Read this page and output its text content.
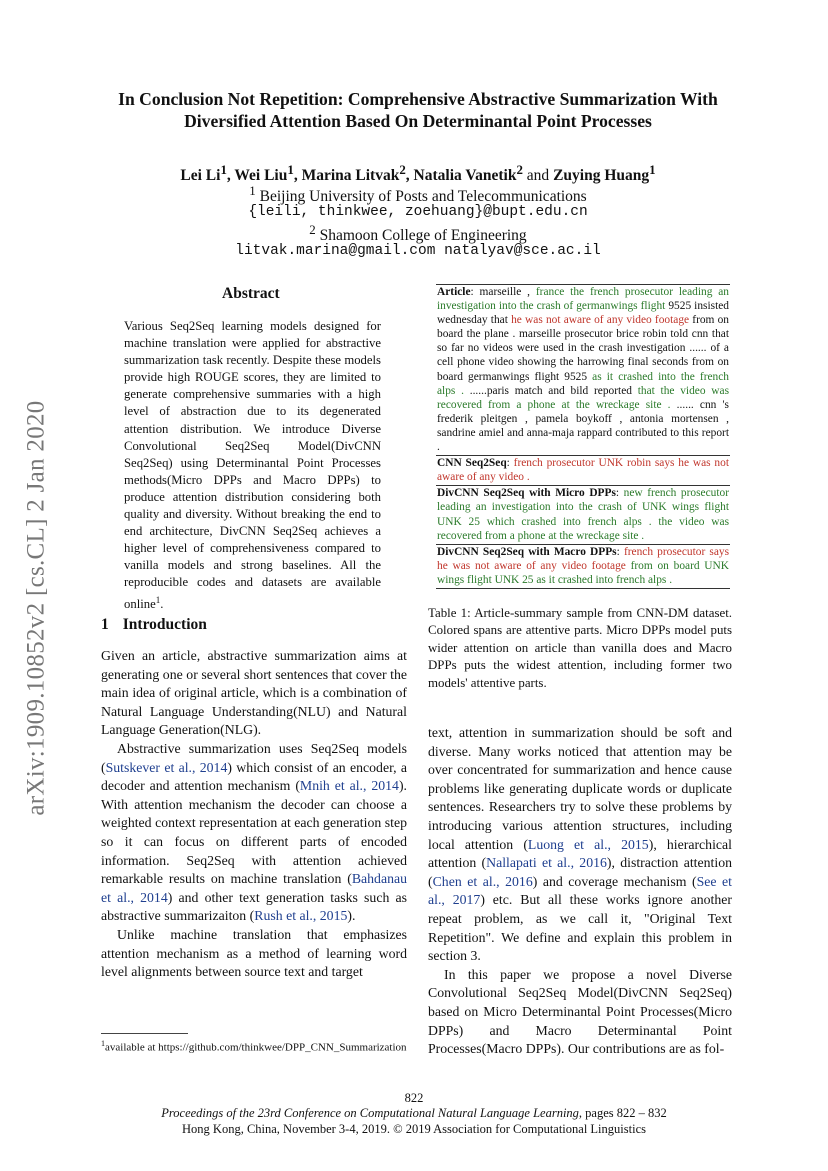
arXiv:1909.10852v2 [cs.CL] 2 Jan 2020
In Conclusion Not Repetition: Comprehensive Abstractive Summarization With Diversified Attention Based On Determinantal Point Processes
Lei Li$^1$, Wei Liu$^1$, Marina Litvak$^2$, Natalia Vanetik$^2$ and Zuying Huang$^1$
$^1$ Beijing University of Posts and Telecommunications
{leili, thinkwee, zoehuang}@bupt.edu.cn
$^2$ Shamoon College of Engineering
litvak.marina@gmail.com natalyav@sce.ac.il
Abstract
Various Seq2Seq learning models designed for machine translation were applied for abstractive summarization task recently. Despite these models provide high ROUGE scores, they are limited to generate comprehensive summaries with a high level of abstraction due to its degenerated attention distribution. We introduce Diverse Convolutional Seq2Seq Model(DivCNN Seq2Seq) using Determinantal Point Processes methods(Micro DPPs and Macro DPPs) to produce attention distribution considering both quality and diversity. Without breaking the end to end architecture, DivCNN Seq2Seq achieves a higher level of comprehensiveness compared to vanilla models and strong baselines. All the reproducible codes and datasets are available online$^1$.
1 Introduction

Given an article, abstractive summarization aims at generating one or several short sentences that cover the main idea of original article, which is a combination of Natural Language Understanding(NLU) and Natural Language Generation(NLG).

Abstractive summarization uses Seq2Seq models (Sutskever et al., 2014) which consist of an encoder, a decoder and attention mechanism (Mnih et al., 2014). With attention mechanism the decoder can choose a weighted context representation at each generation step so it can focus on different parts of encoded information. Seq2Seq with attention achieved remarkable results on machine translation (Bahdanau et al., 2014) and other text generation tasks such as abstractive summarizaiton (Rush et al., 2015).

Unlike machine translation that emphasizes attention mechanism as a method of learning word level alignments between source text and target

$^1$available at https://github.com/thinkwee/DPP_CNN_Summarization
Article: marseille , france the french prosecutor leading an investigation into the crash of germanwings flight 9525 insisted wednesday that he was not aware of any video footage from on board the plane . marseille prosecutor brice robin told cnn that so far no videos were used in the crash investigation ...... of a cell phone video showing the harrowing final seconds from on board germanwings flight 9525 as it crashed into the french alps . ......paris match and bild reported that the video was recovered from a phone at the wreckage site . ...... cnn 's frederik pleitgen , pamela boykoff , antonia mortensen , sandrine amiel and anna-maja rappard contributed to this report .
CNN Seq2Seq: french prosecutor UNK robin says he was not aware of any video .
DivCNN Seq2Seq with Micro DPPs: new french prosecutor leading an investigation into the crash of UNK wings flight UNK 25 which crashed into french alps . the video was recovered from a phone at the wreckage site .
DivCNN Seq2Seq with Macro DPPs: french prosecutor says he was not aware of any video footage from on board UNK wings flight UNK 25 as it crashed into french alps .
Table 1: Article-summary sample from CNN-DM dataset. Colored spans are attentive parts. Micro DPPs model puts wider attention on article than vanilla does and Macro DPPs puts the widest attention, including former two models' attentive parts.

text, attention in summarization should be soft and diverse. Many works noticed that attention may be over concentrated for summarization and hence cause problems like generating duplicate words or duplicate sentences. Researchers try to solve these problems by introducing various attention structures, including local attention (Luong et al., 2015), hierarchical attention (Nallapati et al., 2016), distraction attention (Chen et al., 2016) and coverage mechanism (See et al., 2017) etc. But all these works ignore another repeat problem, as we call it, "Original Text Repetition". We define and explain this problem in section 3.

In this paper we propose a novel Diverse Convolutional Seq2Seq Model(DivCNN Seq2Seq) based on Micro Determinantal Point Processes(Micro DPPs) and Macro Determinantal Point Processes(Macro DPPs). Our contributions are as fol-

822
Proceedings of the 23rd Conference on Computational Natural Language Learning, pages 822 – 832
Hong Kong, China, November 3-4, 2019. © 2019 Association for Computational Linguistics
